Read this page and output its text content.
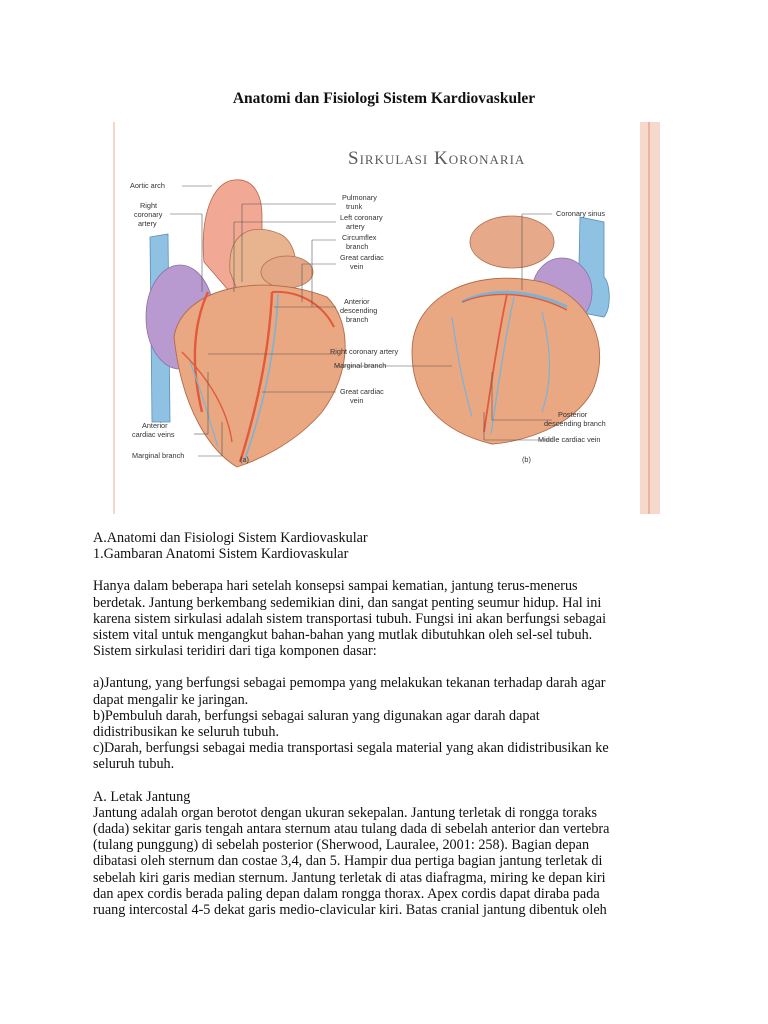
Anatomi dan Fisiologi Sistem Kardiovaskuler
Sirkulasi Koronaria
Aortic arch
Right
coronary
artery
Anterior
cardiac veins
Marginal branch
Pulmonary
trunk
Left coronary
artery
Circumflex
branch
Great cardiac
vein
Anterior
descending
branch
Right coronary artery
Marginal branch
Great cardiac
vein
Coronary sinus
Posterior
descending branch
Middle cardiac vein
(a)	(b)

A.Anatomi dan Fisiologi Sistem Kardiovaskular

1.Gambaran Anatomi Sistem Kardiovaskular

Hanya dalam beberapa hari setelah konsepsi sampai kematian, jantung terus-menerus

berdetak. Jantung berkembang sedemikian dini, dan sangat penting seumur hidup. Hal ini

karena sistem sirkulasi adalah sistem transportasi tubuh. Fungsi ini akan berfungsi sebagai

sistem vital untuk mengangkut bahan-bahan yang mutlak dibutuhkan oleh sel-sel tubuh.

Sistem sirkulasi teridiri dari tiga komponen dasar:

a)Jantung, yang berfungsi sebagai pemompa yang melakukan tekanan terhadap darah agar

dapat mengalir ke jaringan.

b)Pembuluh darah, berfungsi sebagai saluran yang digunakan agar darah dapat

didistribusikan ke seluruh tubuh.

c)Darah, berfungsi sebagai media transportasi segala material yang akan didistribusikan ke

seluruh tubuh.

A. Letak Jantung

Jantung adalah organ berotot dengan ukuran sekepalan. Jantung terletak di rongga toraks

(dada) sekitar garis tengah antara sternum atau tulang dada di sebelah anterior dan vertebra

(tulang punggung) di sebelah posterior (Sherwood, Lauralee, 2001: 258). Bagian depan

dibatasi oleh sternum dan costae 3,4, dan 5. Hampir dua pertiga bagian jantung terletak di

sebelah kiri garis median sternum. Jantung terletak di atas diafragma, miring ke depan kiri

dan apex cordis berada paling depan dalam rongga thorax. Apex cordis dapat diraba pada

ruang intercostal 4-5 dekat garis medio-clavicular kiri. Batas cranial jantung dibentuk oleh
